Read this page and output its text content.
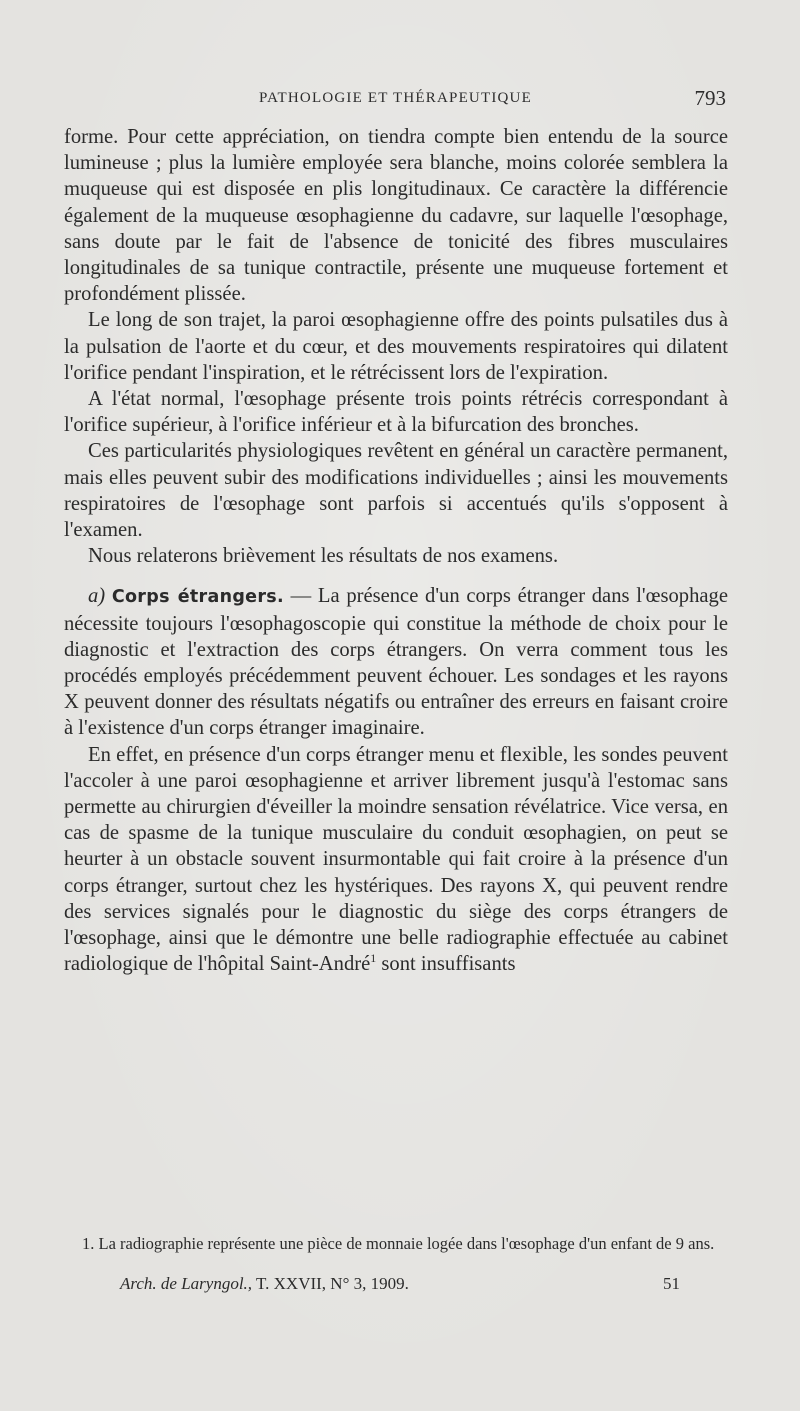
PATHOLOGIE ET THÉRAPEUTIQUE	793

forme. Pour cette appréciation, on tiendra compte bien entendu de la source lumineuse ; plus la lumière employée sera blanche, moins colorée semblera la muqueuse qui est disposée en plis longitudinaux. Ce caractère la différencie également de la muqueuse œsophagienne du cadavre, sur laquelle l'œsophage, sans doute par le fait de l'absence de tonicité des fibres musculaires longitudinales de sa tunique contractile, présente une muqueuse fortement et profondément plissée.

Le long de son trajet, la paroi œsophagienne offre des points pulsatiles dus à la pulsation de l'aorte et du cœur, et des mouvements respiratoires qui dilatent l'orifice pendant l'inspiration, et le rétrécissent lors de l'expiration.

A l'état normal, l'œsophage présente trois points rétrécis correspondant à l'orifice supérieur, à l'orifice inférieur et à la bifurcation des bronches.

Ces particularités physiologiques revêtent en général un caractère permanent, mais elles peuvent subir des modifications individuelles ; ainsi les mouvements respiratoires de l'œsophage sont parfois si accentués qu'ils s'opposent à l'examen.

Nous relaterons brièvement les résultats de nos examens.

a) Corps étrangers. — La présence d'un corps étranger dans l'œsophage nécessite toujours l'œsophagoscopie qui constitue la méthode de choix pour le diagnostic et l'extraction des corps étrangers. On verra comment tous les procédés employés précédemment peuvent échouer. Les sondages et les rayons X peuvent donner des résultats négatifs ou entraîner des erreurs en faisant croire à l'existence d'un corps étranger imaginaire.

En effet, en présence d'un corps étranger menu et flexible, les sondes peuvent l'accoler à une paroi œsophagienne et arriver librement jusqu'à l'estomac sans permette au chirurgien d'éveiller la moindre sensation révélatrice. Vice versa, en cas de spasme de la tunique musculaire du conduit œsophagien, on peut se heurter à un obstacle souvent insurmontable qui fait croire à la présence d'un corps étranger, surtout chez les hystériques. Des rayons X, qui peuvent rendre des services signalés pour le diagnostic du siège des corps étrangers de l'œsophage, ainsi que le démontre une belle radiographie effectuée au cabinet radiologique de l'hôpital Saint-André$^1$ sont insuffisants

1. La radiographie représente une pièce de monnaie logée dans l'œsophage d'un enfant de 9 ans.
Arch. de Laryngol., T. XXVII, N° 3, 1909.	51
